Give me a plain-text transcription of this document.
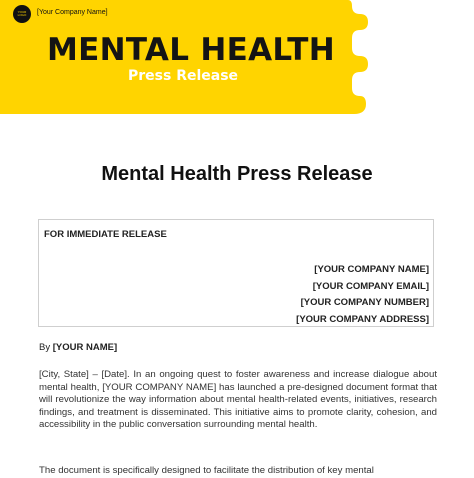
YOUR LOGO	[Your Company Name]
MENTAL HEALTH
Press Release
Mental Health Press Release
FOR IMMEDIATE RELEASE
[YOUR COMPANY NAME]
[YOUR COMPANY EMAIL]
[YOUR COMPANY NUMBER]
[YOUR COMPANY ADDRESS]
By [YOUR NAME]
[City, State] – [Date]. In an ongoing quest to foster awareness and increase dialogue about mental health, [YOUR COMPANY NAME] has launched a pre-designed document format that will revolutionize the way information about mental health-related events, initiatives, research findings, and treatment is disseminated. This initiative aims to promote clarity, cohesion, and accessibility in the public conversation surrounding mental health.
The document is specifically designed to facilitate the distribution of key mental
